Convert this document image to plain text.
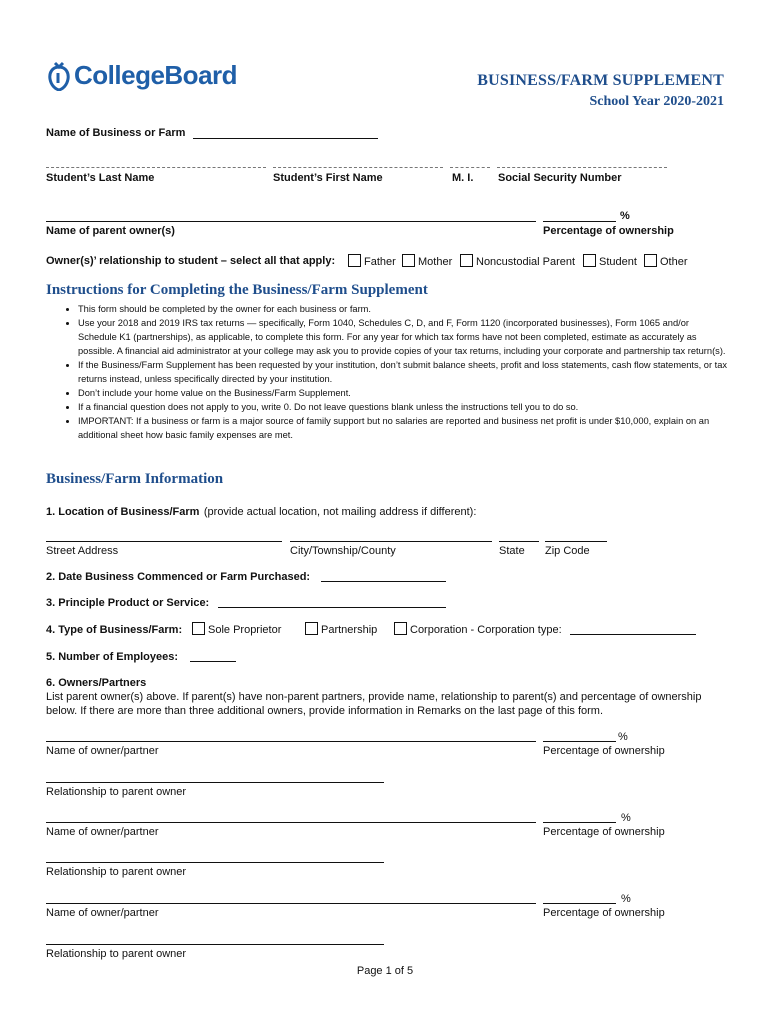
CollegeBoard	BUSINESS/FARM SUPPLEMENT
School Year 2020-2021
Name of Business or Farm
Student’s Last Name	Student’s First Name	M. I. Social Security Number
%
Name of parent owner(s)	Percentage of ownership
Owner(s)’ relationship to student – select all that apply:	Father	Mother	Noncustodial Parent	Student	Other
Instructions for Completing the Business/Farm Supplement
• This form should be completed by the owner for each business or farm.
• Use your 2018 and 2019 IRS tax returns — specifically, Form 1040, Schedules C, D, and F, Form 1120 (incorporated businesses), Form 1065 and/or Schedule K1 (partnerships), as applicable, to complete this form. For any year for which tax forms have not been completed, estimate as accurately as possible. A financial aid administrator at your college may ask you to provide copies of your tax returns, including your corporate and partnership tax return(s).
• If the Business/Farm Supplement has been requested by your institution, don’t submit balance sheets, profit and loss statements, cash flow statements, or tax returns instead, unless specifically directed by your institution.
• Don’t include your home value on the Business/Farm Supplement.
• If a financial question does not apply to you, write 0. Do not leave questions blank unless the instructions tell you to do so.
• IMPORTANT: If a business or farm is a major source of family support but no salaries are reported and business net profit is under $10,000, explain on an additional sheet how basic family expenses are met.
Business/Farm Information
1. Location of Business/Farm (provide actual location, not mailing address if different):
Street Address	City/Township/County	State Zip Code
2. Date Business Commenced or Farm Purchased:
3. Principle Product or Service:
4. Type of Business/Farm:	Sole Proprietor	Partnership	Corporation - Corporation type:
5. Number of Employees:
6. Owners/Partners
List parent owner(s) above. If parent(s) have non-parent partners, provide name, relationship to parent(s) and percentage of ownership below. If there are more than three additional owners, provide information in Remarks on the last page of this form.
%
Name of owner/partner	Percentage of ownership
Relationship to parent owner
%
Name of owner/partner	Percentage of ownership
Relationship to parent owner
%
Name of owner/partner	Percentage of ownership
Relationship to parent owner
Page 1 of 5
